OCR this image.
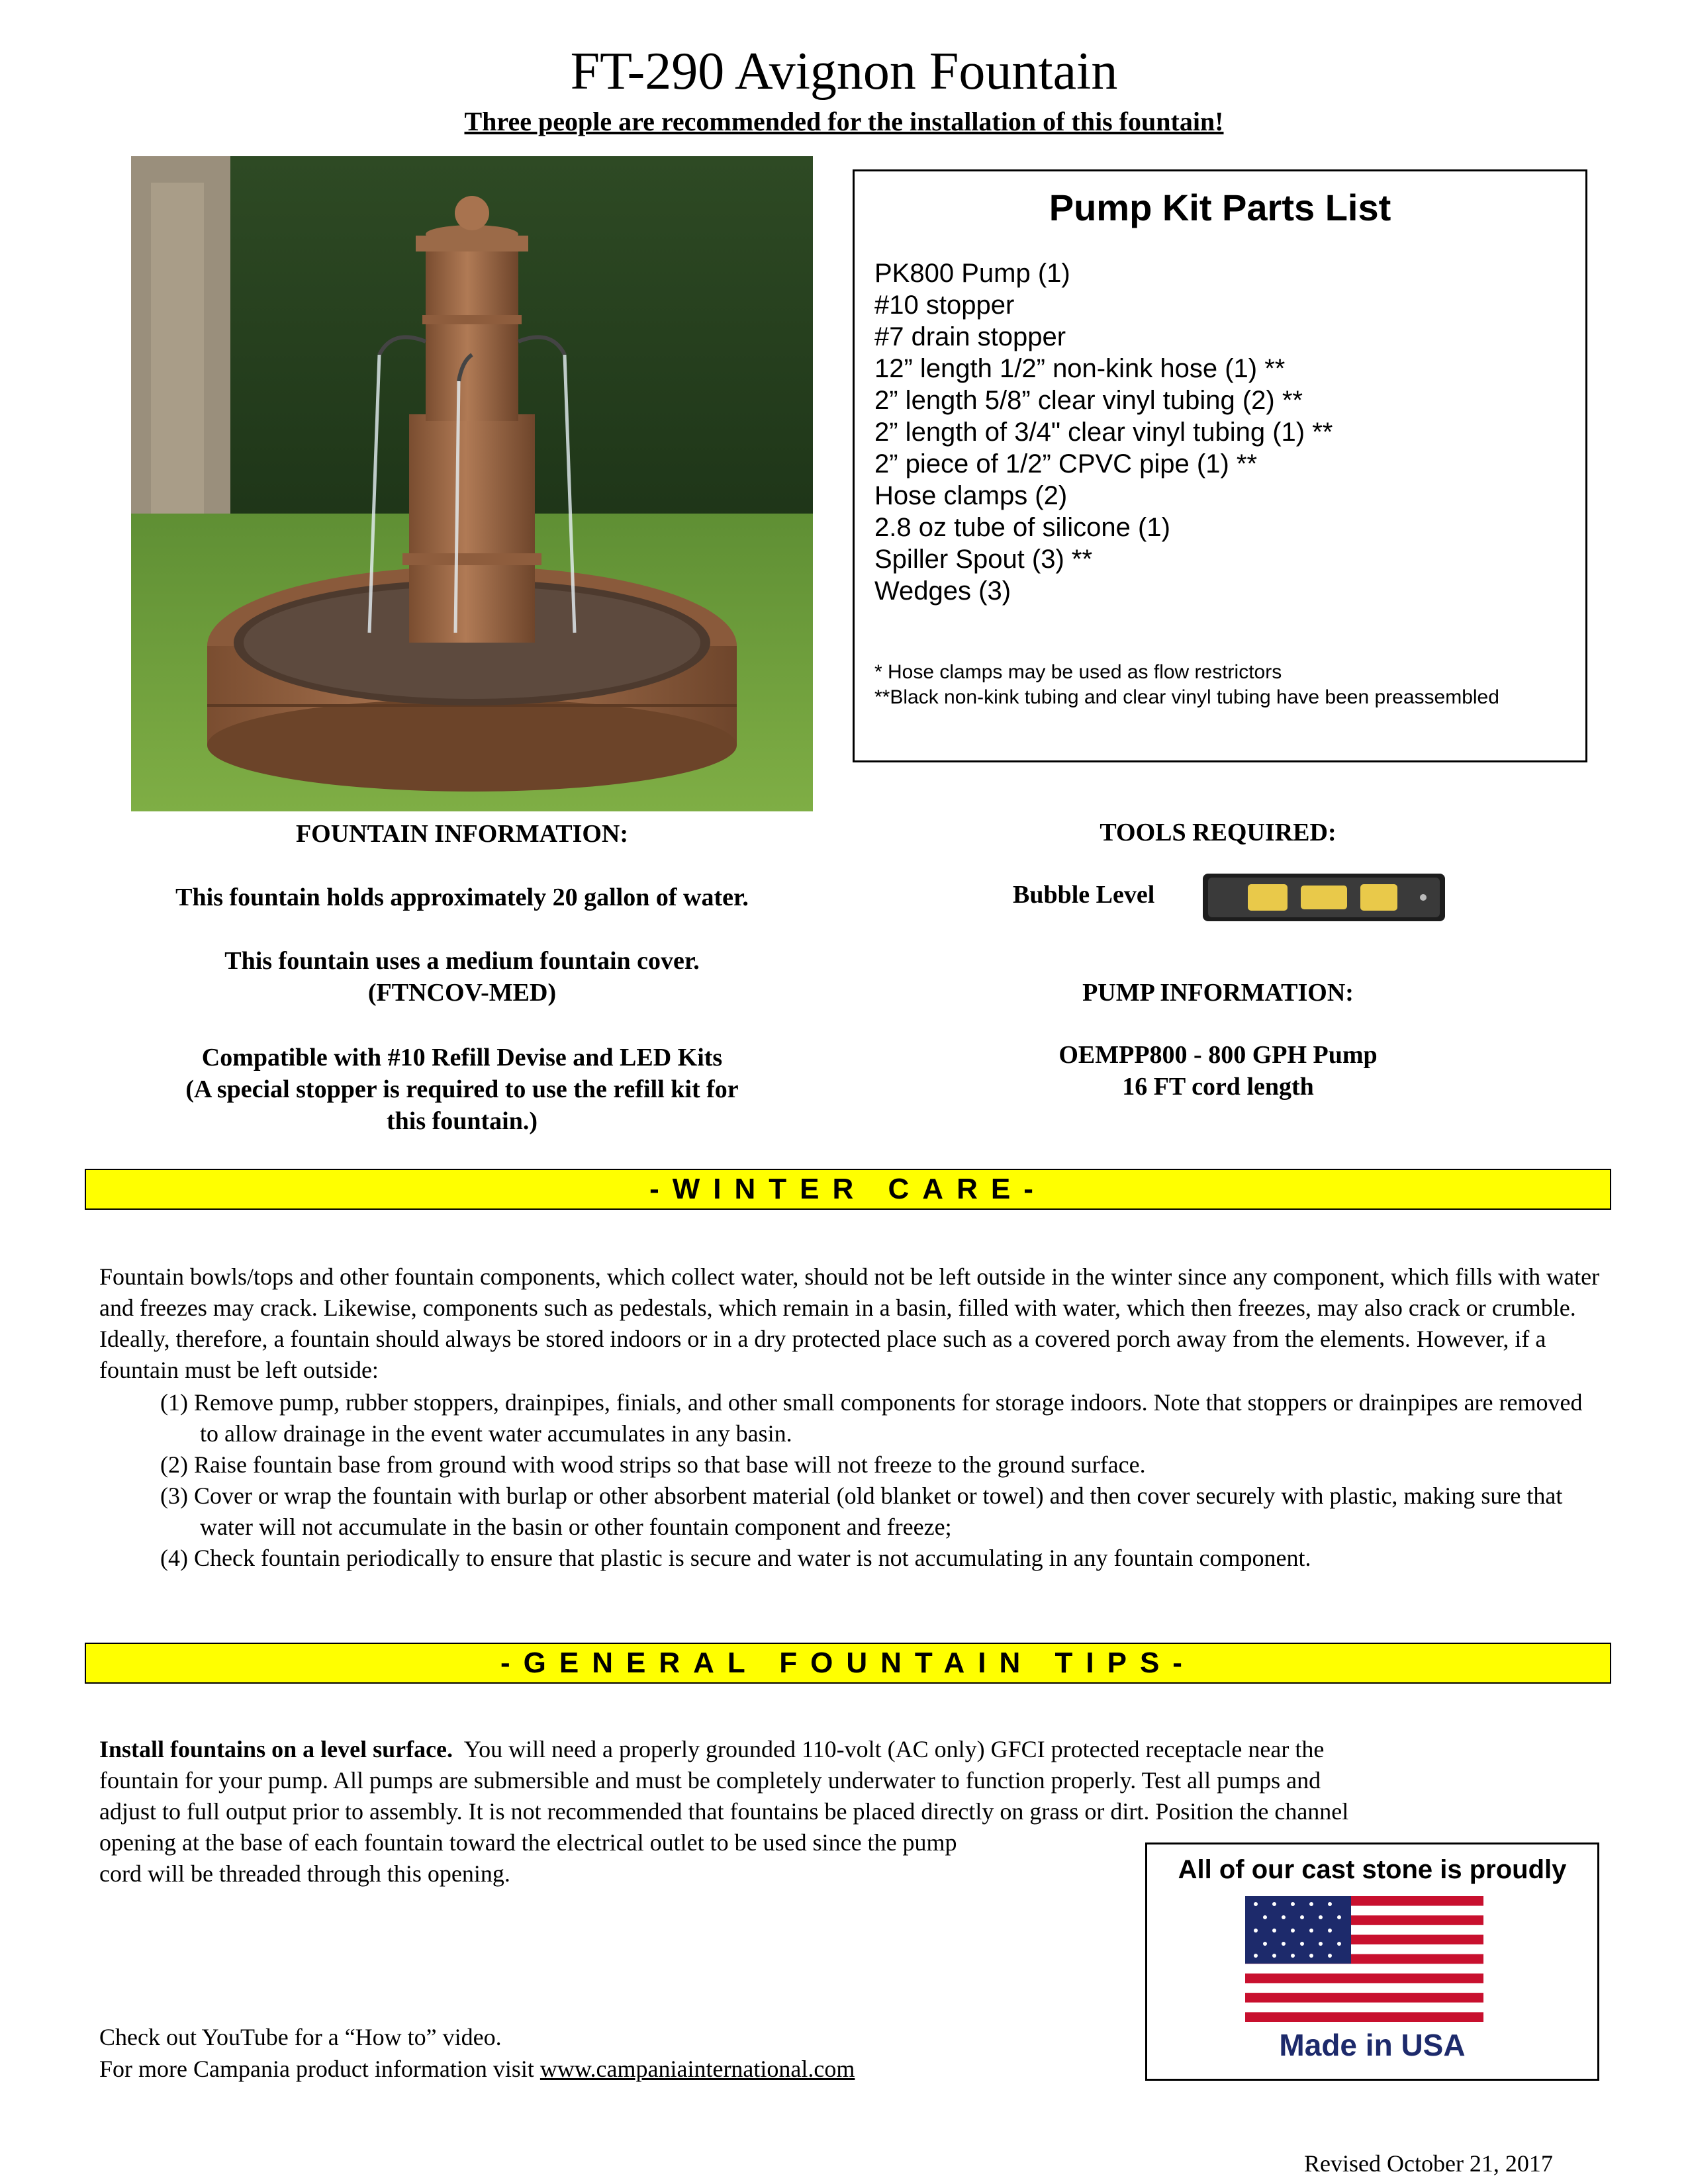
FT-290 Avignon Fountain
Three people are recommended for the installation of this fountain!
Pump Kit Parts List
PK800 Pump (1)
#10 stopper
#7 drain stopper
12” length 1/2” non-kink hose (1) **
2” length 5/8” clear vinyl tubing (2) **
2” length of 3/4" clear vinyl tubing (1) **
2” piece of 1/2” CPVC pipe (1) **
Hose clamps (2)
2.8 oz tube of silicone (1)
Spiller Spout (3) **
Wedges (3)
* Hose clamps may be used as flow restrictors
**Black non-kink tubing and clear vinyl tubing have been preassembled
FOUNTAIN INFORMATION:
This fountain holds approximately 20 gallon of water.
This fountain uses a medium fountain cover.
(FTNCOV-MED)
Compatible with #10 Refill Devise and LED Kits
(A special stopper is required to use the refill kit for
this fountain.)
TOOLS REQUIRED:
Bubble Level
PUMP INFORMATION:
OEMPP800 - 800 GPH Pump
16 FT cord length
-WINTER CARE-
Fountain bowls/tops and other fountain components, which collect water, should not be left outside in the winter since any component, which fills with water and freezes may crack. Likewise, components such as pedestals, which remain in a basin, filled with water, which then freezes, may also crack or crumble. Ideally, therefore, a fountain should always be stored indoors or in a dry protected place such as a covered porch away from the elements. However, if a fountain must be left outside:
(1) Remove pump, rubber stoppers, drainpipes, finials, and other small components for storage indoors. Note that stoppers or drainpipes are removed to allow drainage in the event water accumulates in any basin.
(2) Raise fountain base from ground with wood strips so that base will not freeze to the ground surface.
(3) Cover or wrap the fountain with burlap or other absorbent material (old blanket or towel) and then cover securely with plastic, making sure that water will not accumulate in the basin or other fountain component and freeze;
(4) Check fountain periodically to ensure that plastic is secure and water is not accumulating in any fountain component.
-GENERAL FOUNTAIN TIPS-
Install fountains on a level surface.  You will need a properly grounded 110-volt (AC only) GFCI protected receptacle near the
fountain for your pump. All pumps are submersible and must be completely underwater to function properly. Test all pumps and
adjust to full output prior to assembly. It is not recommended that fountains be placed directly on grass or dirt. Position the channel
opening at the base of each fountain toward the electrical outlet to be used since the pump
cord will be threaded through this opening.	All of our cast stone is proudly
Made in USA
Check out YouTube for a “How to” video.
For more Campania product information visit www.campaniainternational.com
Revised October 21, 2017
